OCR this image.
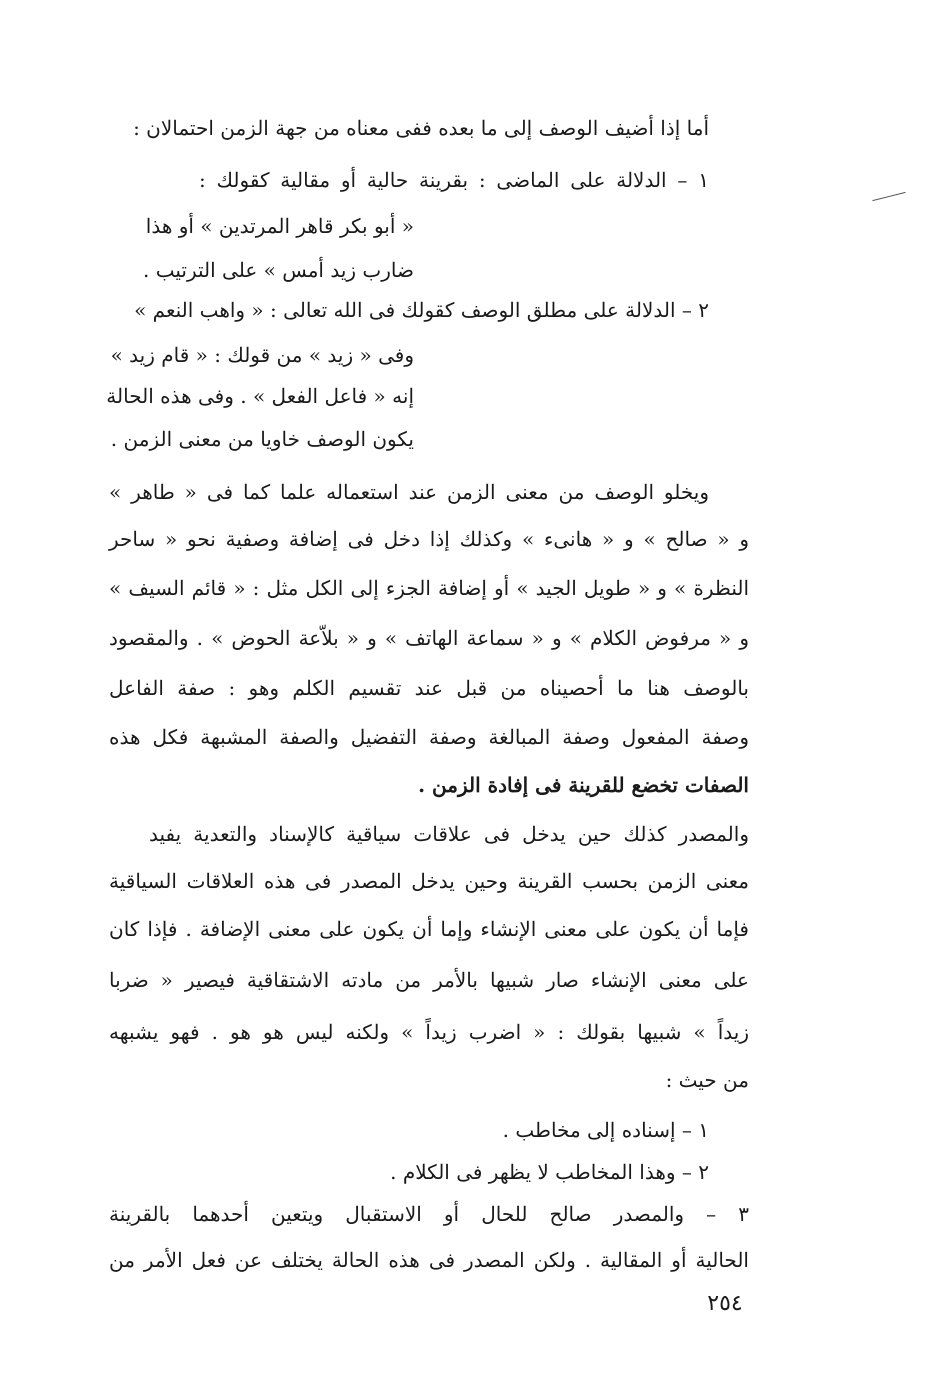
أما إذا أضيف الوصف إلى ما بعده ففى معناه من جهة الزمن احتمالان :
١ – الدلالة على الماضى : بقرينة حالية أو مقالية كقولك :
« أبو بكر قاهر المرتدين » أو هذا
ضارب زيد أمس » على الترتيب .
٢ – الدلالة على مطلق الوصف كقولك فى الله تعالى : « واهب النعم »
وفى « زيد » من قولك : « قام زيد »
إنه « فاعل الفعل » . وفى هذه الحالة
يكون الوصف خاويا من معنى الزمن .
ويخلو الوصف من معنى الزمن عند استعماله علما كما فى « طاهر »
و « صالح » و « هانىء » وكذلك إذا دخل فى إضافة وصفية نحو « ساحر
النظرة » و « طويل الجيد » أو إضافة الجزء إلى الكل مثل : « قائم السيف »
و « مرفوض الكلام » و « سماعة الهاتف » و « بلاّعة الحوض » . والمقصود
بالوصف هنا ما أحصيناه من قبل عند تقسيم الكلم وهو : صفة الفاعل
وصفة المفعول وصفة المبالغة وصفة التفضيل والصفة المشبهة فكل هذه
الصفات تخضع للقرينة فى إفادة الزمن .
والمصدر كذلك حين يدخل فى علاقات سياقية كالإسناد والتعدية يفيد
معنى الزمن بحسب القرينة وحين يدخل المصدر فى هذه العلاقات السياقية
فإما أن يكون على معنى الإنشاء وإما أن يكون على معنى الإضافة . فإذا كان
على معنى الإنشاء صار شبيها بالأمر من مادته الاشتقاقية فيصير « ضربا
زيداً » شبيها بقولك : « اضرب زيداً » ولكنه ليس هو هو . فهو يشبهه
من حيث :
١ – إسناده إلى مخاطب .
٢ – وهذا المخاطب لا يظهر فى الكلام .
٣ – والمصدر صالح للحال أو الاستقبال ويتعين أحدهما بالقرينة
الحالية أو المقالية . ولكن المصدر فى هذه الحالة يختلف عن فعل الأمر من
٢٥٤
